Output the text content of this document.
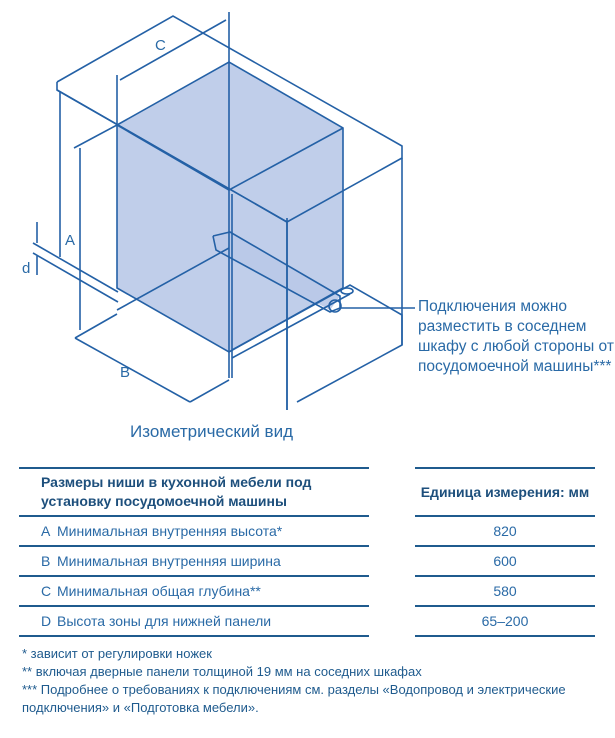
C
A
B
d
Подключения можно разместить в соседнем шкафу с любой стороны от посудомоечной машины***
Изометрический вид
Размеры ниши в кухонной мебели под установку посудомоечной машины
A Минимальная внутренняя высота*
B Минимальная внутренняя ширина
C Минимальная общая глубина**
D Высота зоны для нижней панели
Единица измерения: мм
820
600
580
65–200
* зависит от регулировки ножек
** включая дверные панели толщиной 19 мм на соседних шкафах
*** Подробнее о требованиях к подключениям см. разделы «Водопровод и электрические подключения» и «Подготовка мебели».
